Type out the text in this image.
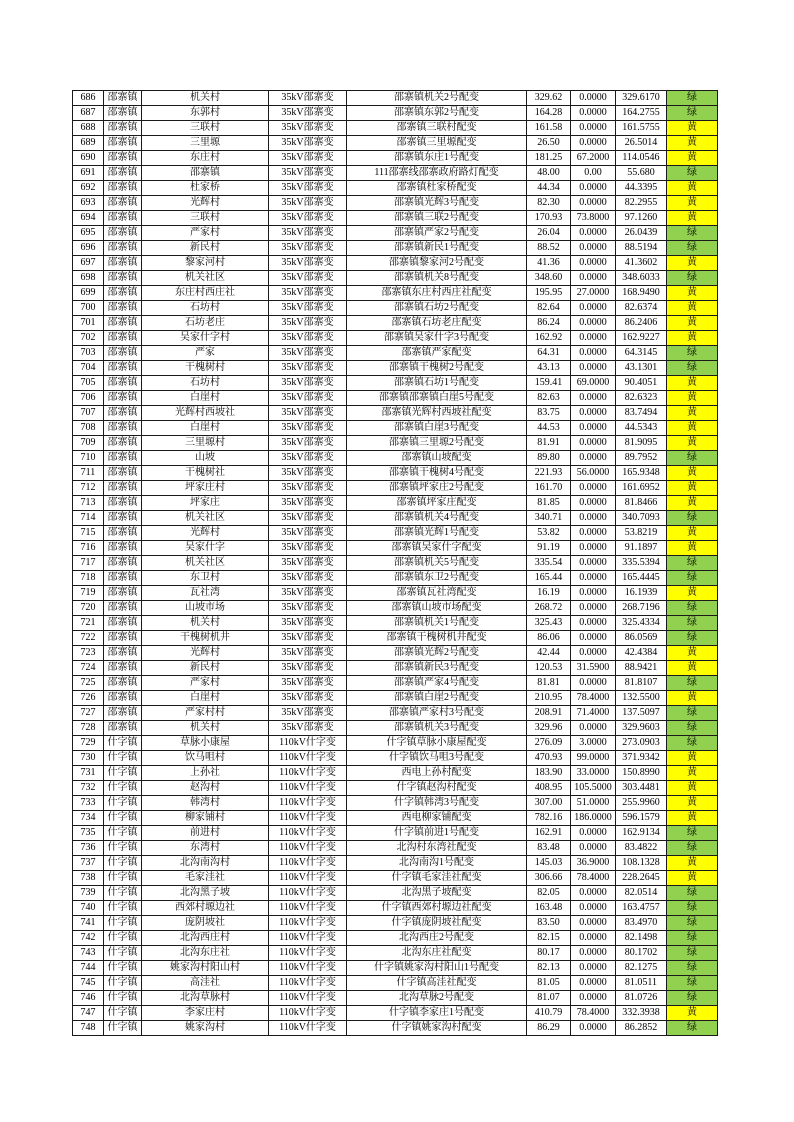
686	邵寨镇	机关村	35kV邵寨变	邵寨镇机关2号配变	329.62	0.0000	329.6170	绿
687	邵寨镇	东郭村	35kV邵寨变	邵寨镇东郭2号配变	164.28	0.0000	164.2755	绿
688	邵寨镇	三联村	35kV邵寨变	邵寨镇三联村配变	161.58	0.0000	161.5755	黄
689	邵寨镇	三里塬	35kV邵寨变	邵寨镇三里塬配变	26.50	0.0000	26.5014	黄
690	邵寨镇	东庄村	35kV邵寨变	邵寨镇东庄1号配变	181.25	67.2000	114.0546	黄
691	邵寨镇	邵寨镇	35kV邵寨变	111邵寨线邵寨政府路灯配变	48.00	0.00	55.680	绿
692	邵寨镇	杜家桥	35kV邵寨变	邵寨镇杜家桥配变	44.34	0.0000	44.3395	黄
693	邵寨镇	光辉村	35kV邵寨变	邵寨镇光辉3号配变	82.30	0.0000	82.2955	黄
694	邵寨镇	三联村	35kV邵寨变	邵寨镇三联2号配变	170.93	73.8000	97.1260	黄
695	邵寨镇	严家村	35kV邵寨变	邵寨镇严家2号配变	26.04	0.0000	26.0439	绿
696	邵寨镇	新民村	35kV邵寨变	邵寨镇新民1号配变	88.52	0.0000	88.5194	绿
697	邵寨镇	黎家河村	35kV邵寨变	邵寨镇黎家河2号配变	41.36	0.0000	41.3602	黄
698	邵寨镇	机关社区	35kV邵寨变	邵寨镇机关8号配变	348.60	0.0000	348.6033	绿
699	邵寨镇	东庄村西庄社	35kV邵寨变	邵寨镇东庄村西庄社配变	195.95	27.0000	168.9490	黄
700	邵寨镇	石坊村	35kV邵寨变	邵寨镇石坊2号配变	82.64	0.0000	82.6374	黄
701	邵寨镇	石坊老庄	35kV邵寨变	邵寨镇石坊老庄配变	86.24	0.0000	86.2406	黄
702	邵寨镇	吴家什字村	35kV邵寨变	邵寨镇吴家什字3号配变	162.92	0.0000	162.9227	黄
703	邵寨镇	严家	35kV邵寨变	邵寨镇严家配变	64.31	0.0000	64.3145	绿
704	邵寨镇	干槐树村	35kV邵寨变	邵寨镇干槐树2号配变	43.13	0.0000	43.1301	绿
705	邵寨镇	石坊村	35kV邵寨变	邵寨镇石坊1号配变	159.41	69.0000	90.4051	黄
706	邵寨镇	白崖村	35kV邵寨变	邵寨镇邵寨镇白崖5号配变	82.63	0.0000	82.6323	黄
707	邵寨镇	光辉村西坡社	35kV邵寨变	邵寨镇光辉村西坡社配变	83.75	0.0000	83.7494	黄
708	邵寨镇	白崖村	35kV邵寨变	邵寨镇白崖3号配变	44.53	0.0000	44.5343	黄
709	邵寨镇	三里塬村	35kV邵寨变	邵寨镇三里塬2号配变	81.91	0.0000	81.9095	黄
710	邵寨镇	山坡	35kV邵寨变	邵寨镇山坡配变	89.80	0.0000	89.7952	绿
711	邵寨镇	干槐树社	35kV邵寨变	邵寨镇干槐树4号配变	221.93	56.0000	165.9348	黄
712	邵寨镇	坪家庄村	35kV邵寨变	邵寨镇坪家庄2号配变	161.70	0.0000	161.6952	黄
713	邵寨镇	坪家庄	35kV邵寨变	邵寨镇坪家庄配变	81.85	0.0000	81.8466	黄
714	邵寨镇	机关社区	35kV邵寨变	邵寨镇机关4号配变	340.71	0.0000	340.7093	绿
715	邵寨镇	光辉村	35kV邵寨变	邵寨镇光辉1号配变	53.82	0.0000	53.8219	黄
716	邵寨镇	吴家什字	35kV邵寨变	邵寨镇吴家什字配变	91.19	0.0000	91.1897	黄
717	邵寨镇	机关社区	35kV邵寨变	邵寨镇机关5号配变	335.54	0.0000	335.5394	绿
718	邵寨镇	东卫村	35kV邵寨变	邵寨镇东卫2号配变	165.44	0.0000	165.4445	绿
719	邵寨镇	瓦社湾	35kV邵寨变	邵寨镇瓦社湾配变	16.19	0.0000	16.1939	黄
720	邵寨镇	山坡市场	35kV邵寨变	邵寨镇山坡市场配变	268.72	0.0000	268.7196	绿
721	邵寨镇	机关村	35kV邵寨变	邵寨镇机关1号配变	325.43	0.0000	325.4334	绿
722	邵寨镇	干槐树机井	35kV邵寨变	邵寨镇干槐树机井配变	86.06	0.0000	86.0569	绿
723	邵寨镇	光辉村	35kV邵寨变	邵寨镇光辉2号配变	42.44	0.0000	42.4384	黄
724	邵寨镇	新民村	35kV邵寨变	邵寨镇新民3号配变	120.53	31.5900	88.9421	黄
725	邵寨镇	严家村	35kV邵寨变	邵寨镇严家4号配变	81.81	0.0000	81.8107	绿
726	邵寨镇	白崖村	35kV邵寨变	邵寨镇白崖2号配变	210.95	78.4000	132.5500	黄
727	邵寨镇	严家村村	35kV邵寨变	邵寨镇严家村3号配变	208.91	71.4000	137.5097	绿
728	邵寨镇	机关村	35kV邵寨变	邵寨镇机关3号配变	329.96	0.0000	329.9603	绿
729	什字镇	草脉小康屋	110kV什字变	什字镇草脉小康屋配变	276.09	3.0000	273.0903	绿
730	什字镇	饮马咀村	110kV什字变	什字镇饮马咀3号配变	470.93	99.0000	371.9342	黄
731	什字镇	上孙社	110kV什字变	西电上孙村配变	183.90	33.0000	150.8990	黄
732	什字镇	赵沟村	110kV什字变	什字镇赵沟村配变	408.95	105.5000	303.4481	黄
733	什字镇	韩湾村	110kV什字变	什字镇韩湾3号配变	307.00	51.0000	255.9960	黄
734	什字镇	柳家铺村	110kV什字变	西电柳家铺配变	782.16	186.0000	596.1579	黄
735	什字镇	前进村	110kV什字变	什字镇前进1号配变	162.91	0.0000	162.9134	绿
736	什字镇	东湾村	110kV什字变	北沟村东湾社配变	83.48	0.0000	83.4822	绿
737	什字镇	北沟南沟村	110kV什字变	北沟南沟1号配变	145.03	36.9000	108.1328	黄
738	什字镇	毛家洼社	110kV什字变	什字镇毛家洼社配变	306.66	78.4000	228.2645	黄
739	什字镇	北沟黑子坡	110kV什字变	北沟黑子坡配变	82.05	0.0000	82.0514	绿
740	什字镇	西郊村塬边社	110kV什字变	什字镇西郊村塬边社配变	163.48	0.0000	163.4757	绿
741	什字镇	庞阴坡社	110kV什字变	什字镇庞阴坡社配变	83.50	0.0000	83.4970	绿
742	什字镇	北沟西庄村	110kV什字变	北沟西庄2号配变	82.15	0.0000	82.1498	绿
743	什字镇	北沟东庄社	110kV什字变	北沟东庄社配变	80.17	0.0000	80.1702	绿
744	什字镇	姚家沟村阳山村	110kV什字变	什字镇姚家沟村阳山1号配变	82.13	0.0000	82.1275	绿
745	什字镇	高洼社	110kV什字变	什字镇高洼社配变	81.05	0.0000	81.0511	绿
746	什字镇	北沟草脉村	110kV什字变	北沟草脉2号配变	81.07	0.0000	81.0726	绿
747	什字镇	李家庄村	110kV什字变	什字镇李家庄1号配变	410.79	78.4000	332.3938	黄
748	什字镇	姚家沟村	110kV什字变	什字镇姚家沟村配变	86.29	0.0000	86.2852	绿
